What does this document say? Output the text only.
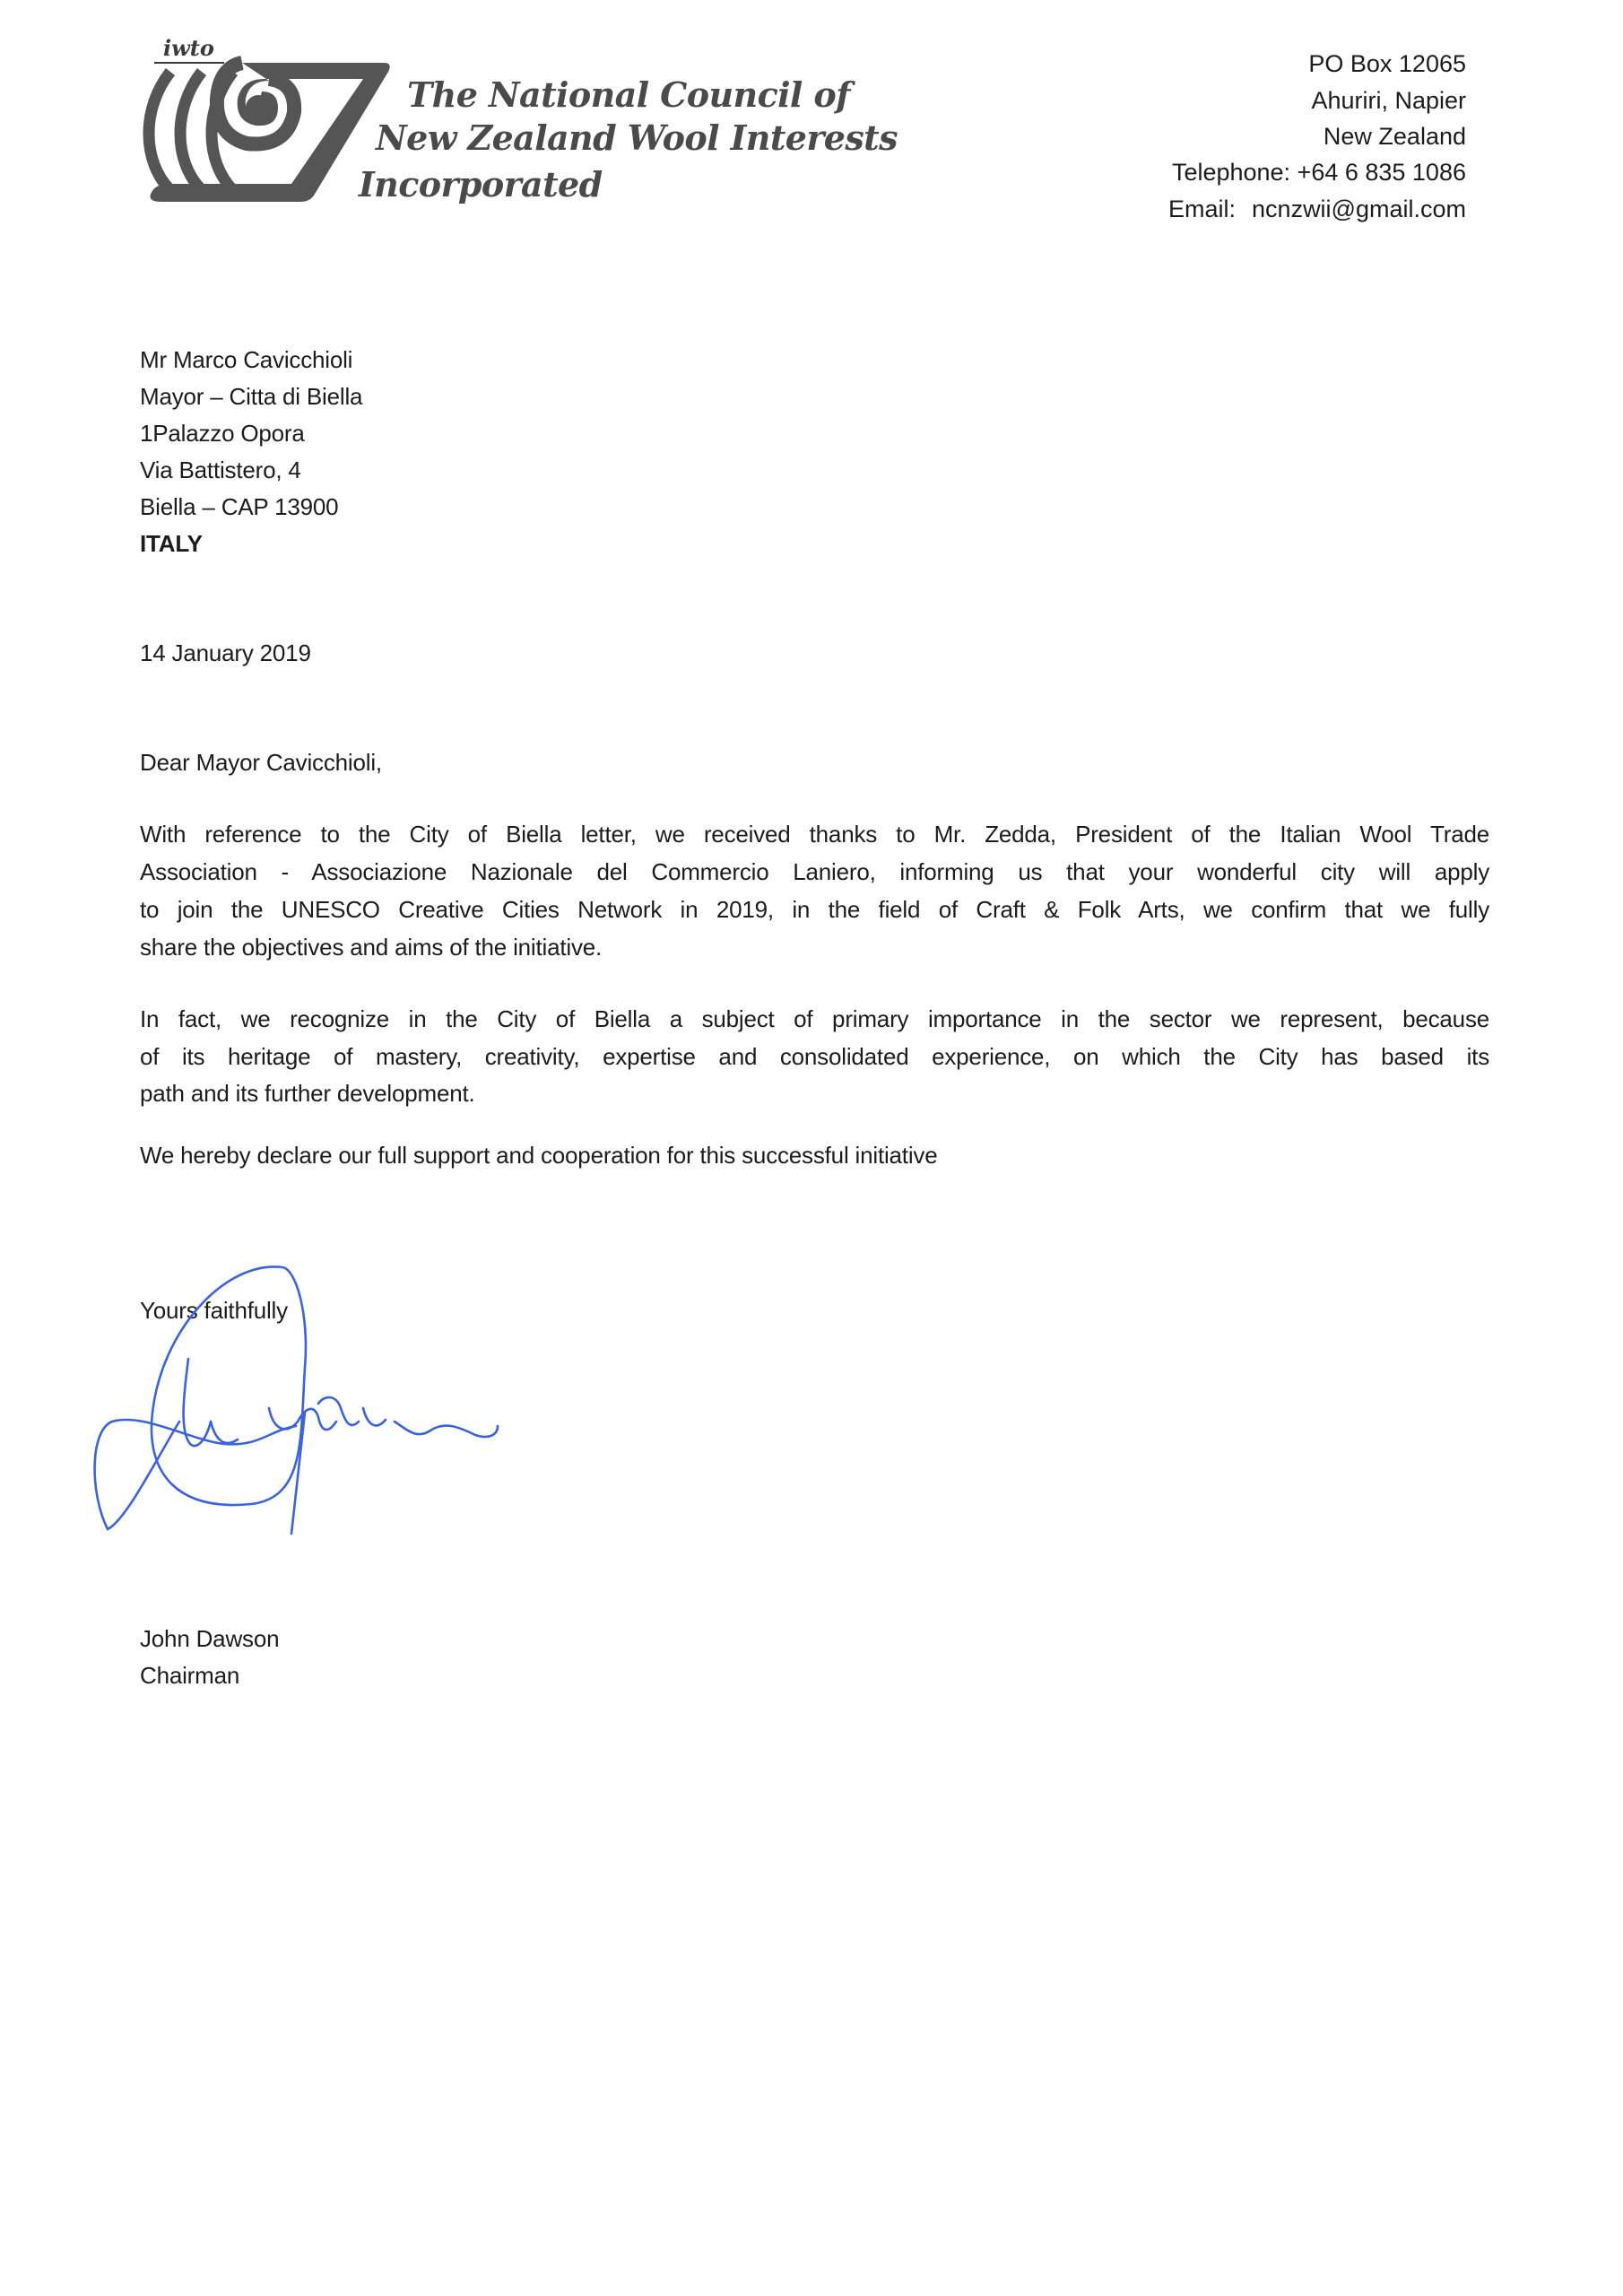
iwto
The National Council of
New Zealand Wool Interests
Incorporated
PO Box 12065
Ahuriri, Napier
New Zealand
Telephone: +64 6 835 1086
Email: ncnzwii@gmail.com
Mr Marco Cavicchioli
Mayor – Citta di Biella
1Palazzo Opora
Via Battistero, 4
Biella – CAP 13900
ITALY
14 January 2019
Dear Mayor Cavicchioli,
With reference to the City of Biella letter, we received thanks to Mr. Zedda, President of the Italian Wool Trade
Association - Associazione Nazionale del Commercio Laniero, informing us that your wonderful city will apply
to join the UNESCO Creative Cities Network in 2019, in the field of Craft & Folk Arts, we confirm that we fully
share the objectives and aims of the initiative.
In fact, we recognize in the City of Biella a subject of primary importance in the sector we represent, because
of its heritage of mastery, creativity, expertise and consolidated experience, on which the City has based its
path and its further development.
We hereby declare our full support and cooperation for this successful initiative
Yours faithfully
John Dawson
Chairman
